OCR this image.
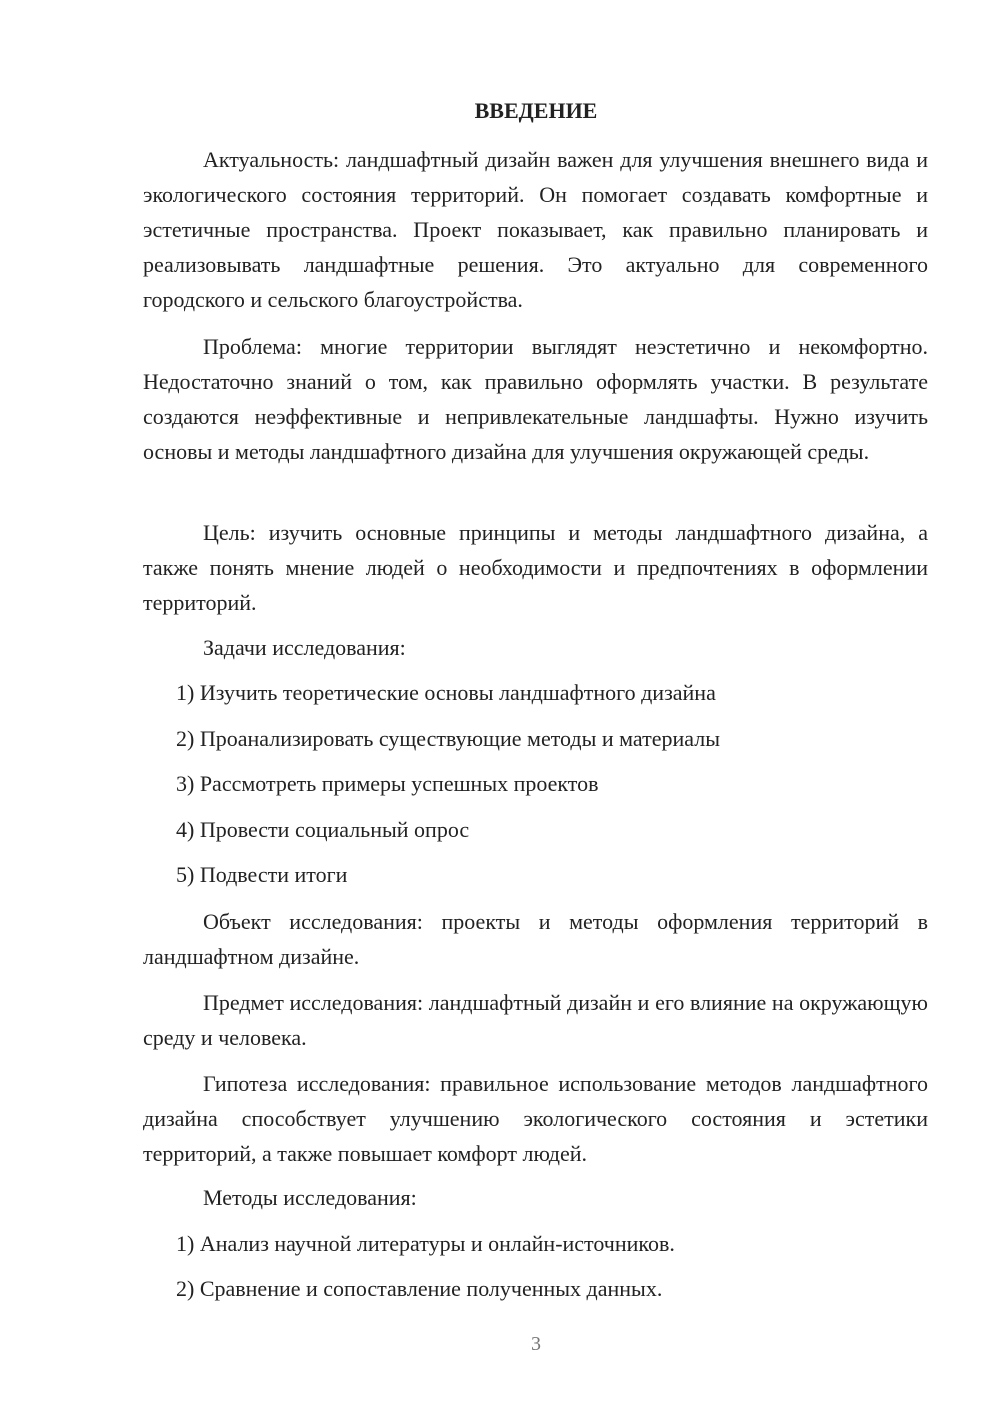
ВВЕДЕНИЕ
Актуальность: ландшафтный дизайн важен для улучшения внешнего вида и экологического состояния территорий. Он помогает создавать комфортные и эстетичные пространства. Проект показывает, как правильно планировать и реализовывать ландшафтные решения. Это актуально для современного городского и сельского благоустройства.
Проблема: многие территории выглядят неэстетично и некомфортно. Недостаточно знаний о том, как правильно оформлять участки. В результате создаются неэффективные и непривлекательные ландшафты. Нужно изучить основы и методы ландшафтного дизайна для улучшения окружающей среды.
Цель: изучить основные принципы и методы ландшафтного дизайна, а также понять мнение людей о необходимости и предпочтениях в оформлении территорий.
Задачи исследования:
1) Изучить теоретические основы ландшафтного дизайна
2) Проанализировать существующие методы и материалы
3) Рассмотреть примеры успешных проектов
4) Провести социальный опрос
5) Подвести итоги
Объект исследования: проекты и методы оформления территорий в ландшафтном дизайне.
Предмет исследования: ландшафтный дизайн и его влияние на окружающую среду и человека.
Гипотеза исследования: правильное использование методов ландшафтного дизайна способствует улучшению экологического состояния и эстетики территорий, а также повышает комфорт людей.
Методы исследования:
1) Анализ научной литературы и онлайн-источников.
2) Сравнение и сопоставление полученных данных.
3
